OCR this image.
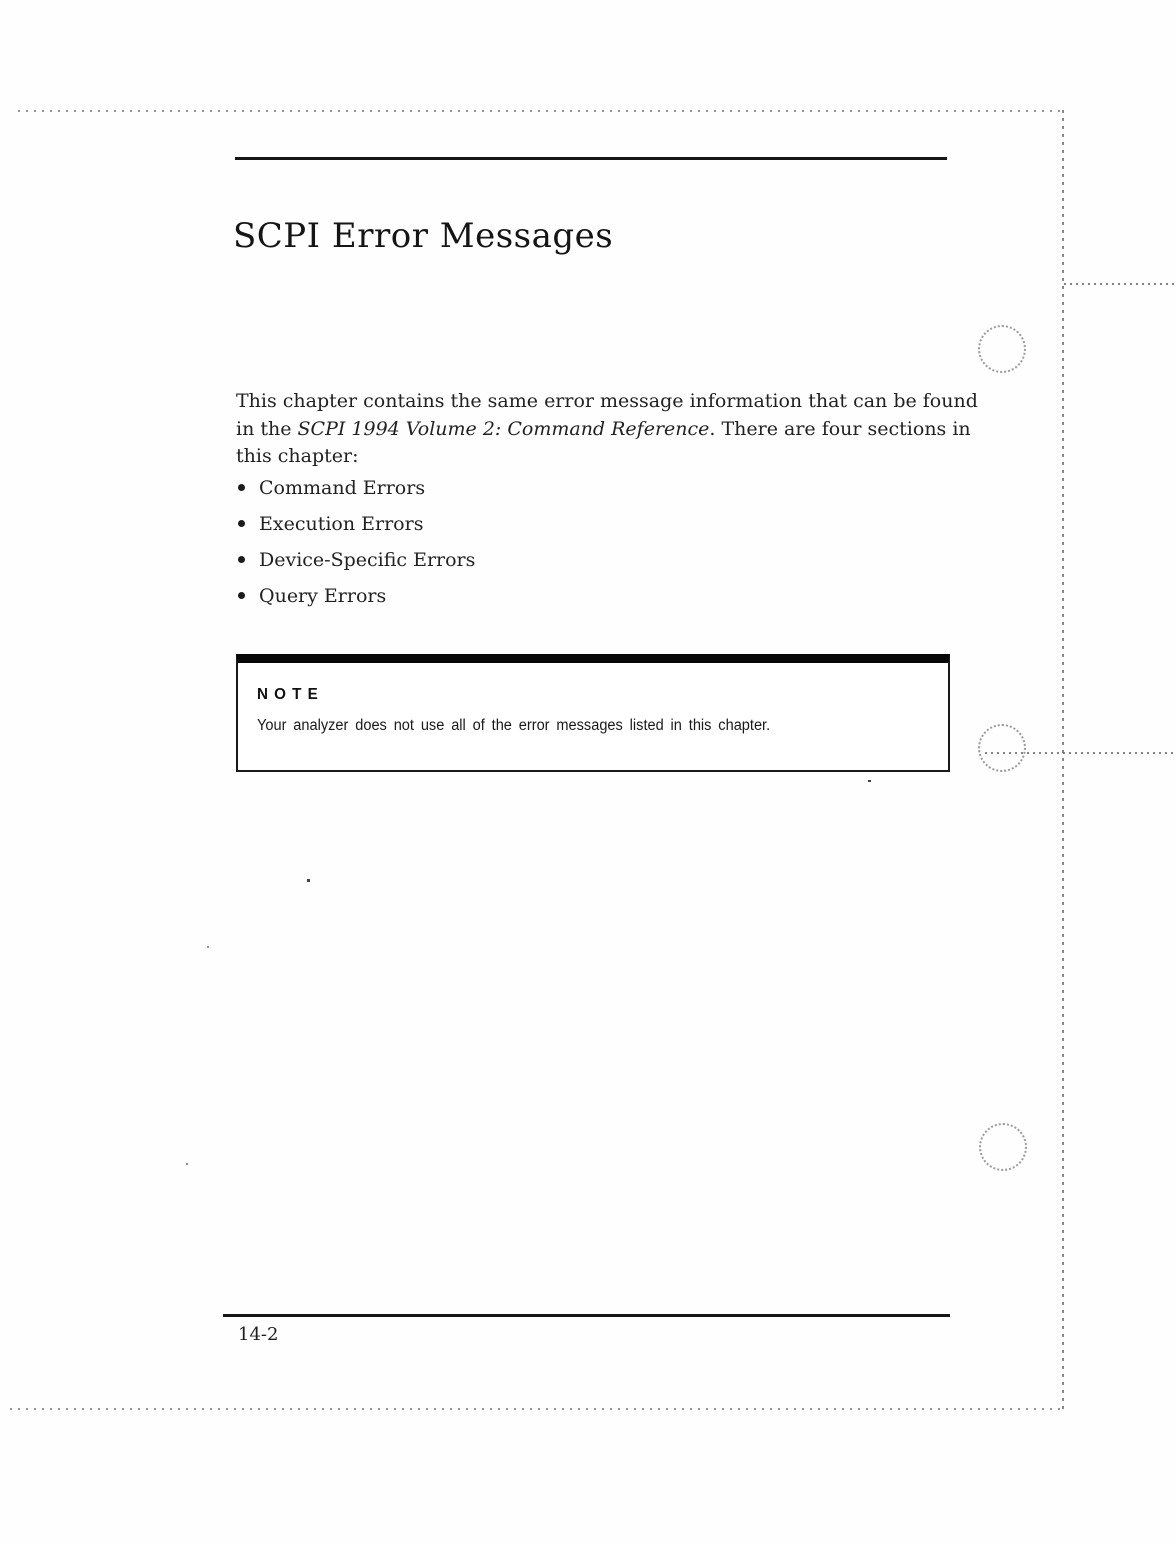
SCPI Error Messages
This chapter contains the same error message information that can be found
in the SCPI 1994 Volume 2: Command Reference. There are four sections in
this chapter:
Command Errors
Execution Errors
Device-Specific Errors
Query Errors
NOTE
Your analyzer does not use all of the error messages listed in this chapter.
14-2
